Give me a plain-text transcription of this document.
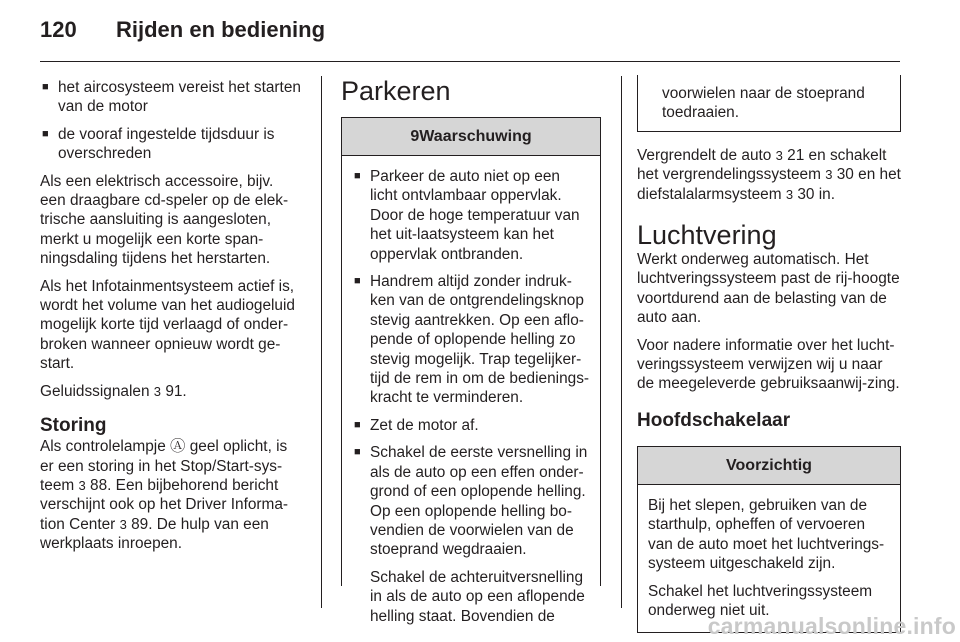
120 Rijden en bediening
■ het aircosysteem vereist het starten van de motor
■ de vooraf ingestelde tijdsduur is overschreden

Als een elektrisch accessoire, bijv. een draagbare cd-speler op de elek-trische aansluiting is aangesloten, merkt u mogelijk een korte span-ningsdaling tijdens het herstarten.

Als het Infotainmentsysteem actief is, wordt het volume van het audiogeluid mogelijk korte tijd verlaagd of onder-broken wanneer opnieuw wordt ge-start.

Geluidssignalen 3 91.

Storing

Als controlelampje Ⓐ geel oplicht, is er een storing in het Stop/Start-sys-teem 3 88. Een bijbehorend bericht verschijnt ook op het Driver Informa-tion Center 3 89. De hulp van een werkplaats inroepen.

Parkeren
9 Waarschuwing
■ Parkeer de auto niet op een licht ontvlambaar oppervlak. Door de hoge temperatuur van het uit-laatsysteem kan het oppervlak ontbranden.
■ Handrem altijd zonder indruk-ken van de ontgrendelingsknop stevig aantrekken. Op een aflo-pende of oplopende helling zo stevig mogelijk. Trap tegelijker-tijd de rem in om de bedienings-kracht te verminderen.
■ Zet de motor af.
■ Schakel de eerste versnelling in als de auto op een effen onder-grond of een oplopende helling. Op een oplopende helling bo-vendien de voorwielen van de stoeprand wegdraaien.
Schakel de achteruitversnelling in als de auto op een aflopende helling staat. Bovendien de
voorwielen naar de stoeprand toedraaien.

Vergrendelt de auto 3 21 en schakelt het vergrendelingssysteem 3 30 en het diefstalalarmsysteem 3 30 in.

Luchtvering

Werkt onderweg automatisch. Het luchtveringssysteem past de rij-hoogte voortdurend aan de belasting van de auto aan.

Voor nadere informatie over het lucht-veringssysteem verwijzen wij u naar de meegeleverde gebruiksaanwij-zing.

Hoofdschakelaar
Voorzichtig

Bij het slepen, gebruiken van de starthulp, opheffen of vervoeren van de auto moet het luchtverings-systeem uitgeschakeld zijn.

Schakel het luchtveringssysteem onderweg niet uit.

carmanualsonline.info
